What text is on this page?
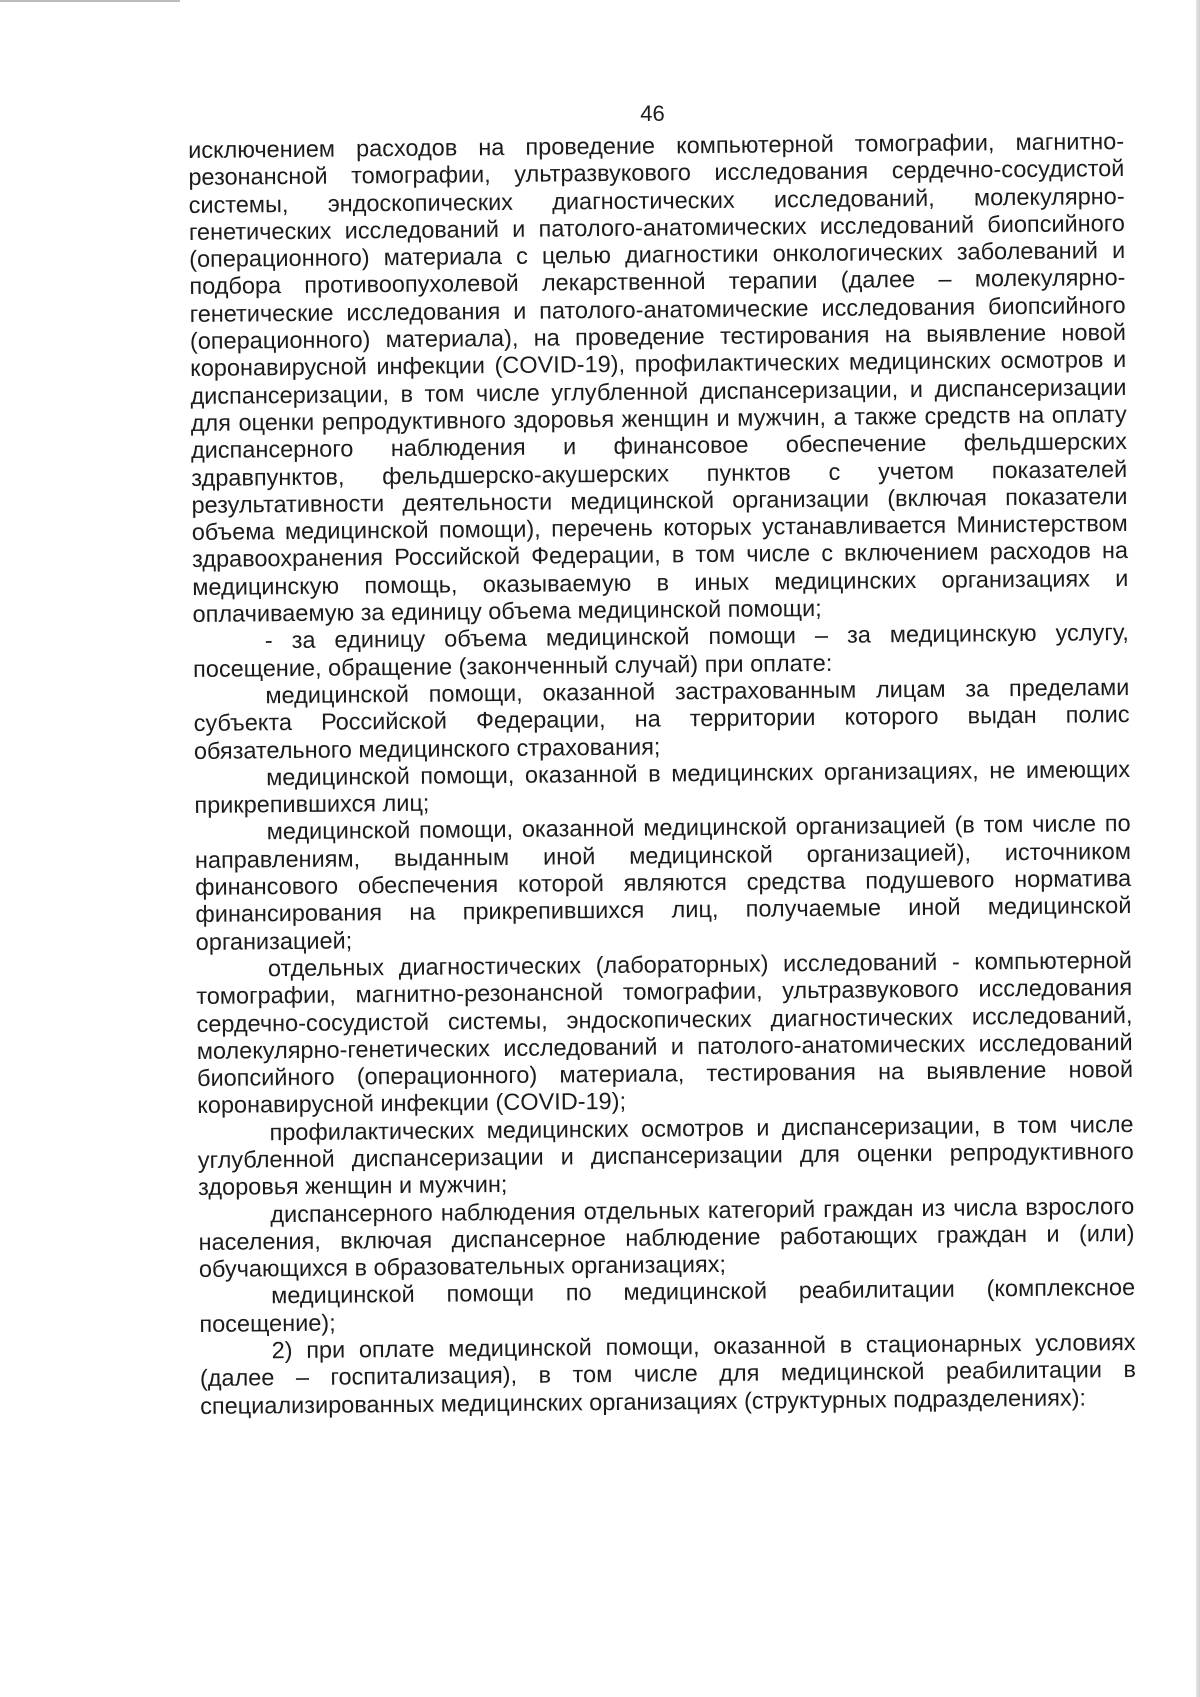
46

исключением расходов на проведение компьютерной томографии, магнитно-резонансной томографии, ультразвукового исследования сердечно-сосудистой системы, эндоскопических диагностических исследований, молекулярно-генетических исследований и патолого-анатомических исследований биопсийного (операционного) материала с целью диагностики онкологических заболеваний и подбора противоопухолевой лекарственной терапии (далее – молекулярно-генетические исследования и патолого-анатомические исследования биопсийного (операционного) материала), на проведение тестирования на выявление новой коронавирусной инфекции (COVID-19), профилактических медицинских осмотров и диспансеризации, в том числе углубленной диспансеризации, и диспансеризации для оценки репродуктивного здоровья женщин и мужчин, а также средств на оплату диспансерного наблюдения и финансовое обеспечение фельдшерских здравпунктов, фельдшерско-акушерских пунктов с учетом показателей результативности деятельности медицинской организации (включая показатели объема медицинской помощи), перечень которых устанавливается Министерством здравоохранения Российской Федерации, в том числе с включением расходов на медицинскую помощь, оказываемую в иных медицинских организациях и оплачиваемую за единицу объема медицинской помощи;

- за единицу объема медицинской помощи – за медицинскую услугу, посещение, обращение (законченный случай) при оплате:

медицинской помощи, оказанной застрахованным лицам за пределами субъекта Российской Федерации, на территории которого выдан полис обязательного медицинского страхования;

медицинской помощи, оказанной в медицинских организациях, не имеющих прикрепившихся лиц;

медицинской помощи, оказанной медицинской организацией (в том числе по направлениям, выданным иной медицинской организацией), источником финансового обеспечения которой являются средства подушевого норматива финансирования на прикрепившихся лиц, получаемые иной медицинской организацией;

отдельных диагностических (лабораторных) исследований - компьютерной томографии, магнитно-резонансной томографии, ультразвукового исследования сердечно-сосудистой системы, эндоскопических диагностических исследований, молекулярно-генетических исследований и патолого-анатомических исследований биопсийного (операционного) материала, тестирования на выявление новой коронавирусной инфекции (COVID-19);

профилактических медицинских осмотров и диспансеризации, в том числе углубленной диспансеризации и диспансеризации для оценки репродуктивного здоровья женщин и мужчин;

диспансерного наблюдения отдельных категорий граждан из числа взрослого населения, включая диспансерное наблюдение работающих граждан и (или) обучающихся в образовательных организациях;

медицинской помощи по медицинской реабилитации (комплексное посещение);

2) при оплате медицинской помощи, оказанной в стационарных условиях (далее – госпитализация), в том числе для медицинской реабилитации в специализированных медицинских организациях (структурных подразделениях):
